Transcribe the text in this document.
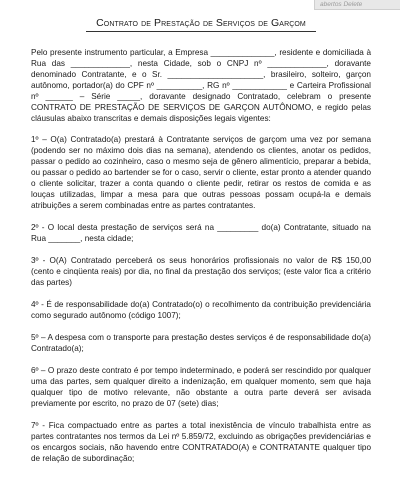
abertos Delete
Contrato de Prestação de Serviços de Garçom

Pelo presente instrumento particular, a Empresa ______________, residente e domiciliada à Rua das _____________, nesta Cidade, sob o CNPJ nº _____________, doravante denominado Contratante, e o Sr. _____________________, brasileiro, solteiro, garçon autônomo, portador(a) do CPF nº __________, RG nº ____________ e Carteira Profissional nº ______ – Série _____, doravante designado Contratado, celebram o presente CONTRATO DE PRESTAÇÃO DE SERVIÇOS DE GARÇON AUTÔNOMO, e regido pelas cláusulas abaixo transcritas e demais disposições legais vigentes:

1º – O(a) Contratado(a) prestará à Contratante serviços de garçom uma vez por semana (podendo ser no máximo dois dias na semana), atendendo os clientes, anotar os pedidos, passar o pedido ao cozinheiro, caso o mesmo seja de gênero alimentício, preparar a bebida, ou passar o pedido ao bartender se for o caso, servir o cliente, estar pronto a atender quando o cliente solicitar, trazer a conta quando o cliente pedir, retirar os restos de comida e as louças utilizadas, limpar a mesa para que outras pessoas possam ocupá-la e demais atribuições a serem combinadas entre as partes contratantes.

2º - O local desta prestação de serviços será na _________ do(a) Contratante, situado na Rua _______, nesta cidade;

3º - O(A) Contratado perceberá os seus honorários profissionais no valor de R$ 150,00 (cento e cinqüenta reais) por dia, no final da prestação dos serviços; (este valor fica a critério das partes)

4º - É de responsabilidade do(a) Contratado(o) o recolhimento da contribuição previdenciária como segurado autônomo (código 1007);

5º – A despesa com o transporte para prestação destes serviços é de responsabilidade do(a) Contratado(a);

6º – O prazo deste contrato é por tempo indeterminado, e poderá ser rescindido por qualquer uma das partes, sem qualquer direito a indenização, em qualquer momento, sem que haja qualquer tipo de motivo relevante, não obstante a outra parte deverá ser avisada previamente por escrito, no prazo de 07 (sete) dias;

7º - Fica compactuado entre as partes a total inexistência de vínculo trabalhista entre as partes contratantes nos termos da Lei nº 5.859/72, excluindo as obrigações previdenciárias e os encargos sociais, não havendo entre CONTRATADO(A) e CONTRATANTE qualquer tipo de relação de subordinação;
